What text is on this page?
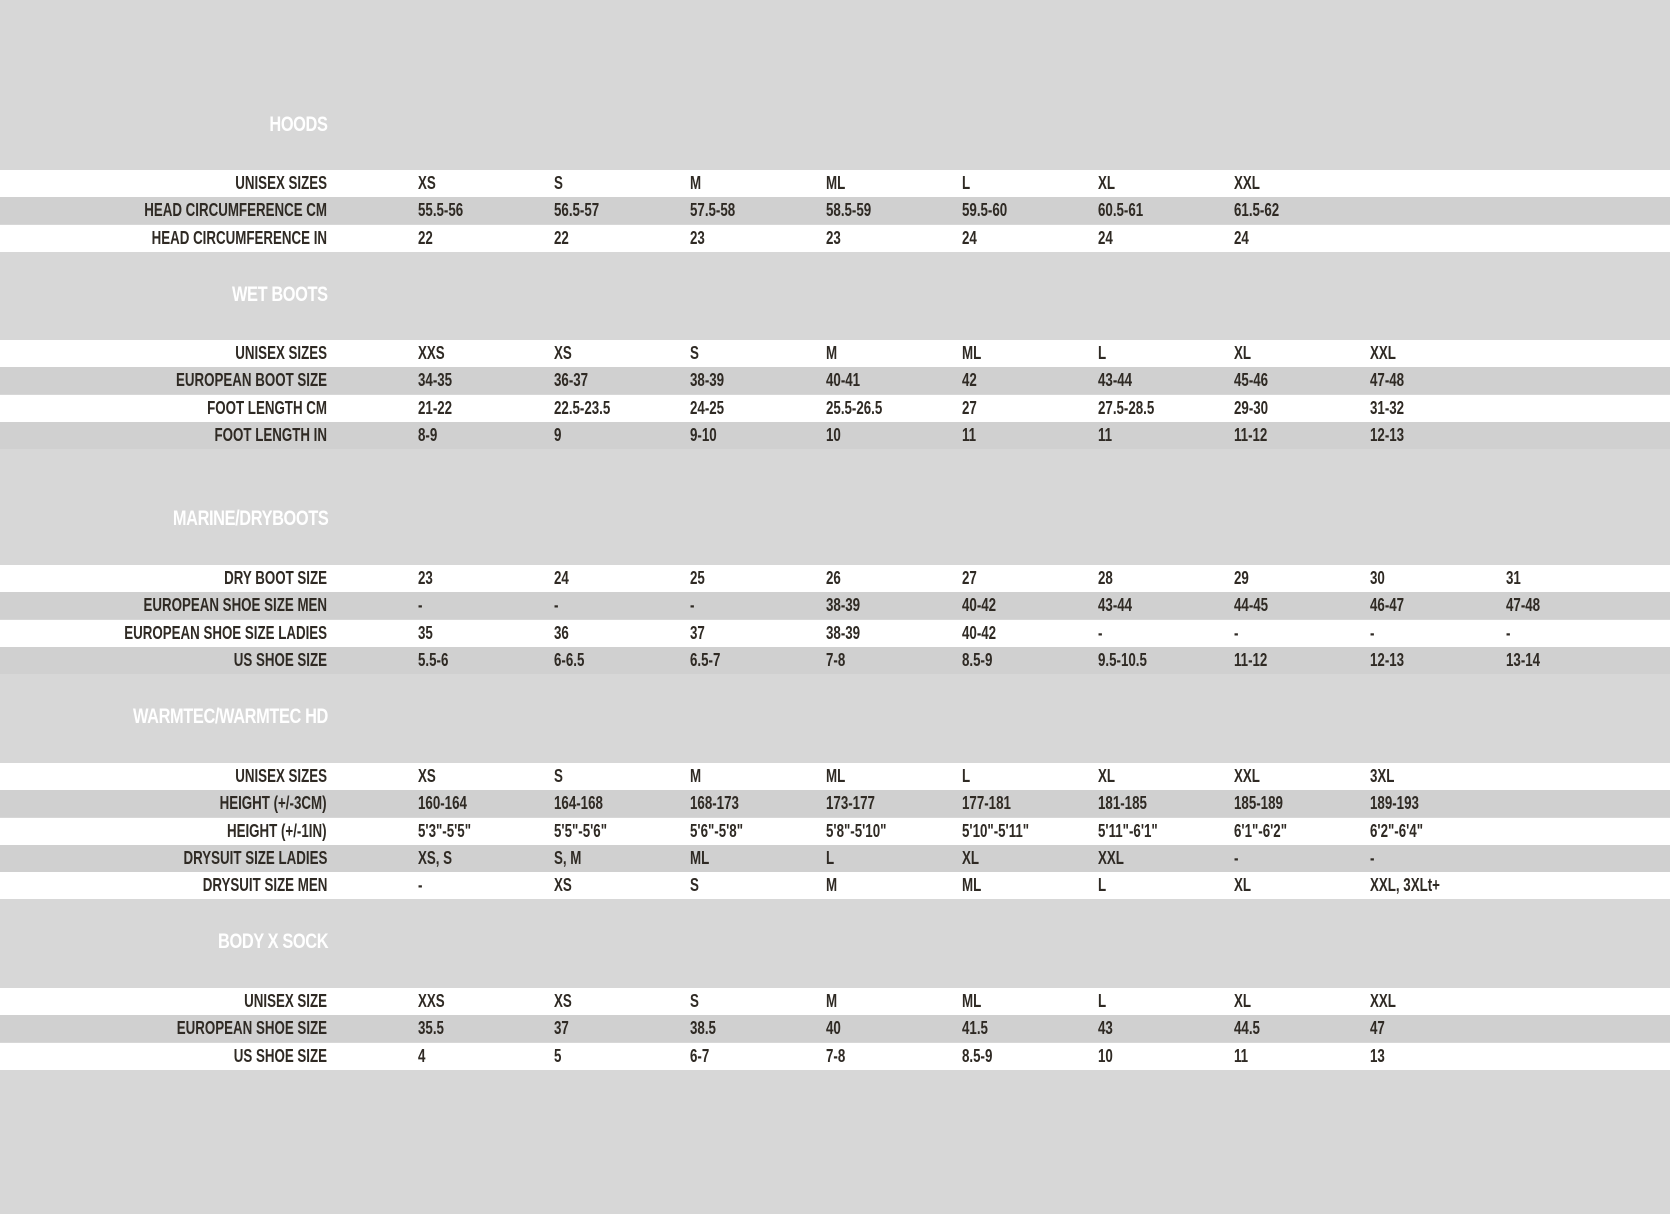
HOODS
UNISEX SIZES	XS	S	M	ML	L	XL	XXL
HEAD CIRCUMFERENCE CM	55.5-56	56.5-57	57.5-58	58.5-59	59.5-60	60.5-61	61.5-62
HEAD CIRCUMFERENCE IN	22	22	23	23	24	24	24
WET BOOTS
UNISEX SIZES	XXS	XS	S	M	ML	L	XL	XXL
EUROPEAN BOOT SIZE	34-35	36-37	38-39	40-41	42	43-44	45-46	47-48
FOOT LENGTH CM	21-22	22.5-23.5	24-25	25.5-26.5	27	27.5-28.5	29-30	31-32
FOOT LENGTH IN	8-9	9	9-10	10	11	11	11-12	12-13
MARINE/DRYBOOTS
DRY BOOT SIZE	23	24	25	26	27	28	29	30	31
EUROPEAN SHOE SIZE MEN	-	-	-	38-39	40-42	43-44	44-45	46-47	47-48
EUROPEAN SHOE SIZE LADIES	35	36	37	38-39	40-42	-	-	-	-
US SHOE SIZE	5.5-6	6-6.5	6.5-7	7-8	8.5-9	9.5-10.5	11-12	12-13	13-14
WARMTEC/WARMTEC HD
UNISEX SIZES	XS	S	M	ML	L	XL	XXL	3XL
HEIGHT (+/-3CM)	160-164	164-168	168-173	173-177	177-181	181-185	185-189	189-193
HEIGHT (+/-1IN)	5'3"-5'5"	5'5"-5'6"	5'6"-5'8"	5'8"-5'10"	5'10"-5'11"	5'11"-6'1"	6'1"-6'2"	6'2"-6'4"
DRYSUIT SIZE LADIES	XS, S	S, M	ML	L	XL	XXL	-	-
DRYSUIT SIZE MEN	-	XS	S	M	ML	L	XL	XXL, 3XLt+
BODY X SOCK
UNISEX SIZE	XXS	XS	S	M	ML	L	XL	XXL
EUROPEAN SHOE SIZE	35.5	37	38.5	40	41.5	43	44.5	47
US SHOE SIZE	4	5	6-7	7-8	8.5-9	10	11	13
